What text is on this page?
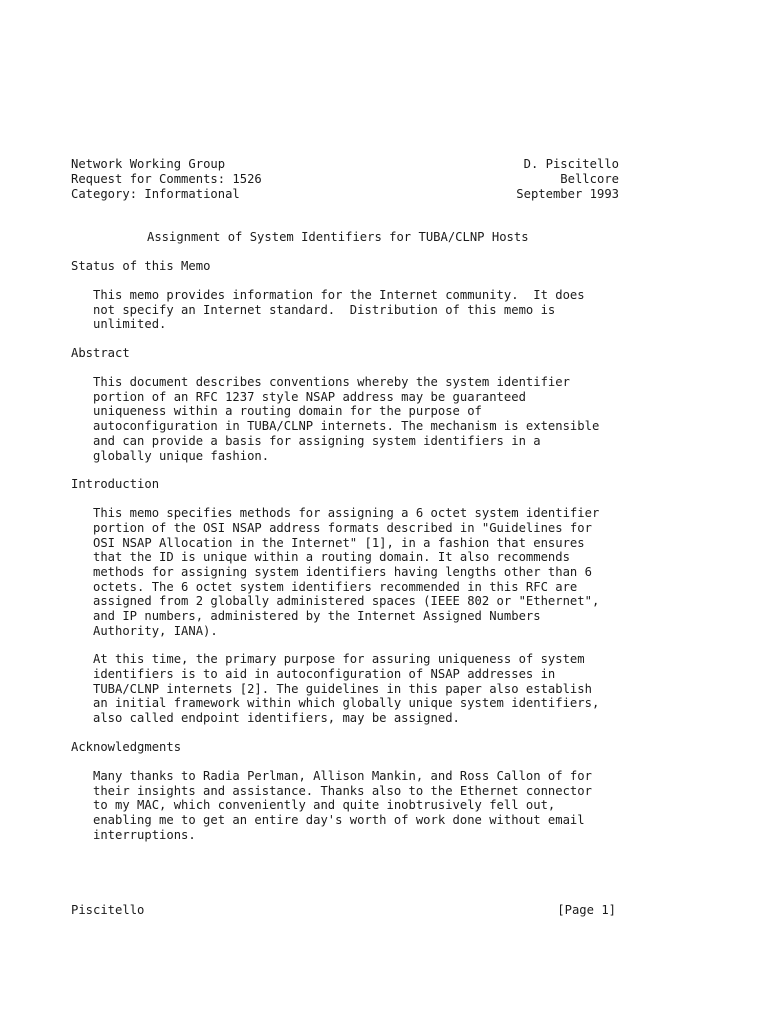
Network Working Group	D. Piscitello
Request for Comments: 1526	Bellcore
Category: Informational	September 1993
Assignment of System Identifiers for TUBA/CLNP Hosts
Status of this Memo
This memo provides information for the Internet community.  It does
not specify an Internet standard.  Distribution of this memo is
unlimited.
Abstract
This document describes conventions whereby the system identifier
portion of an RFC 1237 style NSAP address may be guaranteed
uniqueness within a routing domain for the purpose of
autoconfiguration in TUBA/CLNP internets. The mechanism is extensible
and can provide a basis for assigning system identifiers in a
globally unique fashion.
Introduction
This memo specifies methods for assigning a 6 octet system identifier
portion of the OSI NSAP address formats described in "Guidelines for
OSI NSAP Allocation in the Internet" [1], in a fashion that ensures
that the ID is unique within a routing domain. It also recommends
methods for assigning system identifiers having lengths other than 6
octets. The 6 octet system identifiers recommended in this RFC are
assigned from 2 globally administered spaces (IEEE 802 or "Ethernet",
and IP numbers, administered by the Internet Assigned Numbers
Authority, IANA).
At this time, the primary purpose for assuring uniqueness of system
identifiers is to aid in autoconfiguration of NSAP addresses in
TUBA/CLNP internets [2]. The guidelines in this paper also establish
an initial framework within which globally unique system identifiers,
also called endpoint identifiers, may be assigned.
Acknowledgments
Many thanks to Radia Perlman, Allison Mankin, and Ross Callon of for
their insights and assistance. Thanks also to the Ethernet connector
to my MAC, which conveniently and quite inobtrusively fell out,
enabling me to get an entire day's worth of work done without email
interruptions.
Piscitello	[Page 1]
